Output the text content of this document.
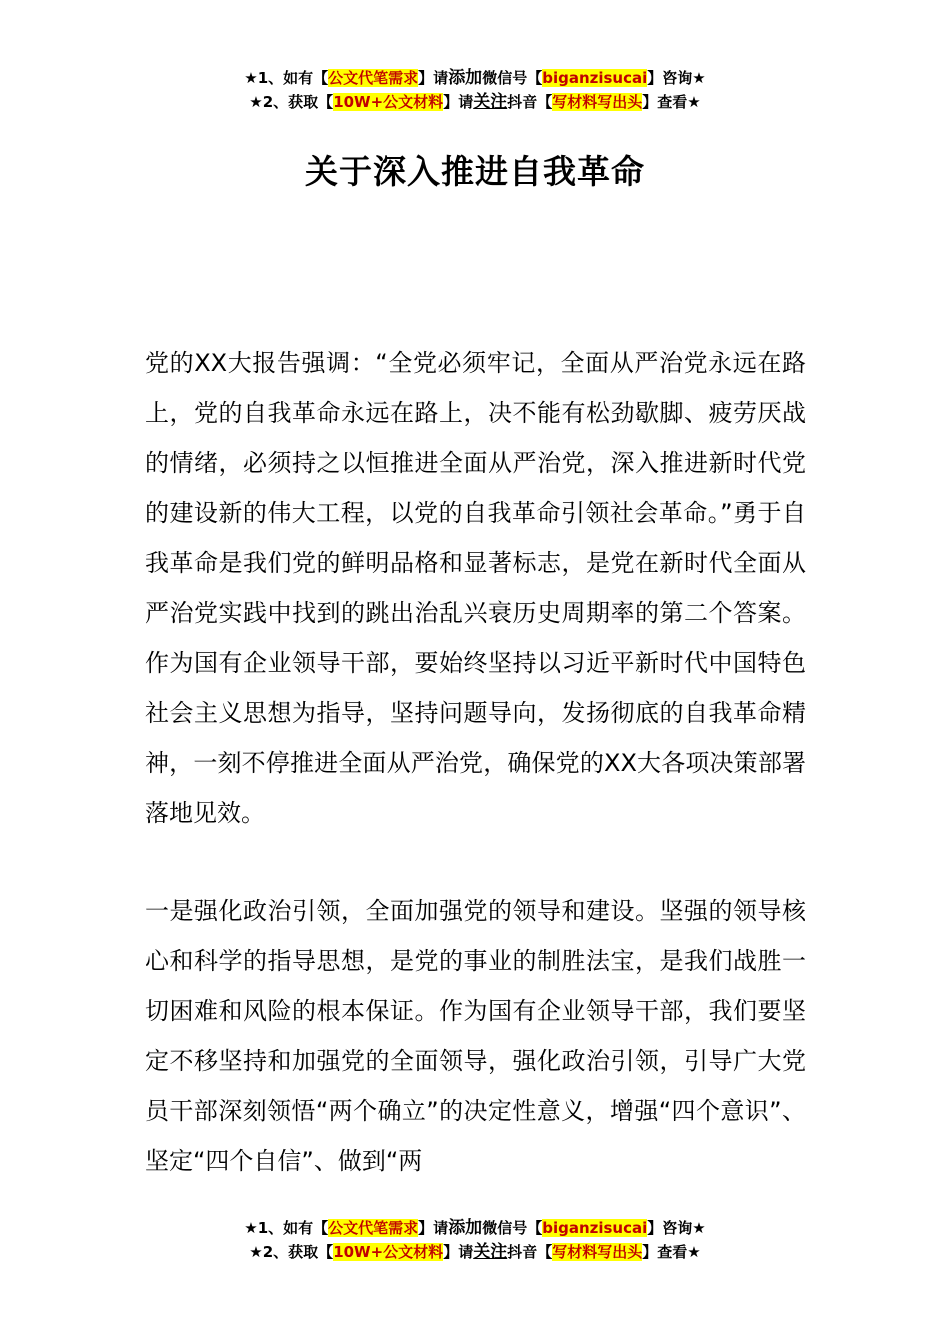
★1、如有【公文代笔需求】请添加微信号【biganzisucai】咨询★
★2、获取【10W+公文材料】请关注抖音【写材料写出头】查看★
关于深入推进自我革命

党的XX大报告强调：“全党必须牢记，全面从严治党永远在路上，党的自我革命永远在路上，决不能有松劲歇脚、疲劳厌战的情绪，必须持之以恒推进全面从严治党，深入推进新时代党的建设新的伟大工程，以党的自我革命引领社会革命。”勇于自我革命是我们党的鲜明品格和显著标志，是党在新时代全面从严治党实践中找到的跳出治乱兴衰历史周期率的第二个答案。作为国有企业领导干部，要始终坚持以习近平新时代中国特色社会主义思想为指导，坚持问题导向，发扬彻底的自我革命精神，一刻不停推进全面从严治党，确保党的XX大各项决策部署落地见效。

一是强化政治引领，全面加强党的领导和建设。坚强的领导核心和科学的指导思想，是党的事业的制胜法宝，是我们战胜一切困难和风险的根本保证。作为国有企业领导干部，我们要坚定不移坚持和加强党的全面领导，强化政治引领，引导广大党员干部深刻领悟“两个确立”的决定性意义，增强“四个意识”、坚定“四个自信”、做到“两

★1、如有【公文代笔需求】请添加微信号【biganzisucai】咨询★
★2、获取【10W+公文材料】请关注抖音【写材料写出头】查看★
